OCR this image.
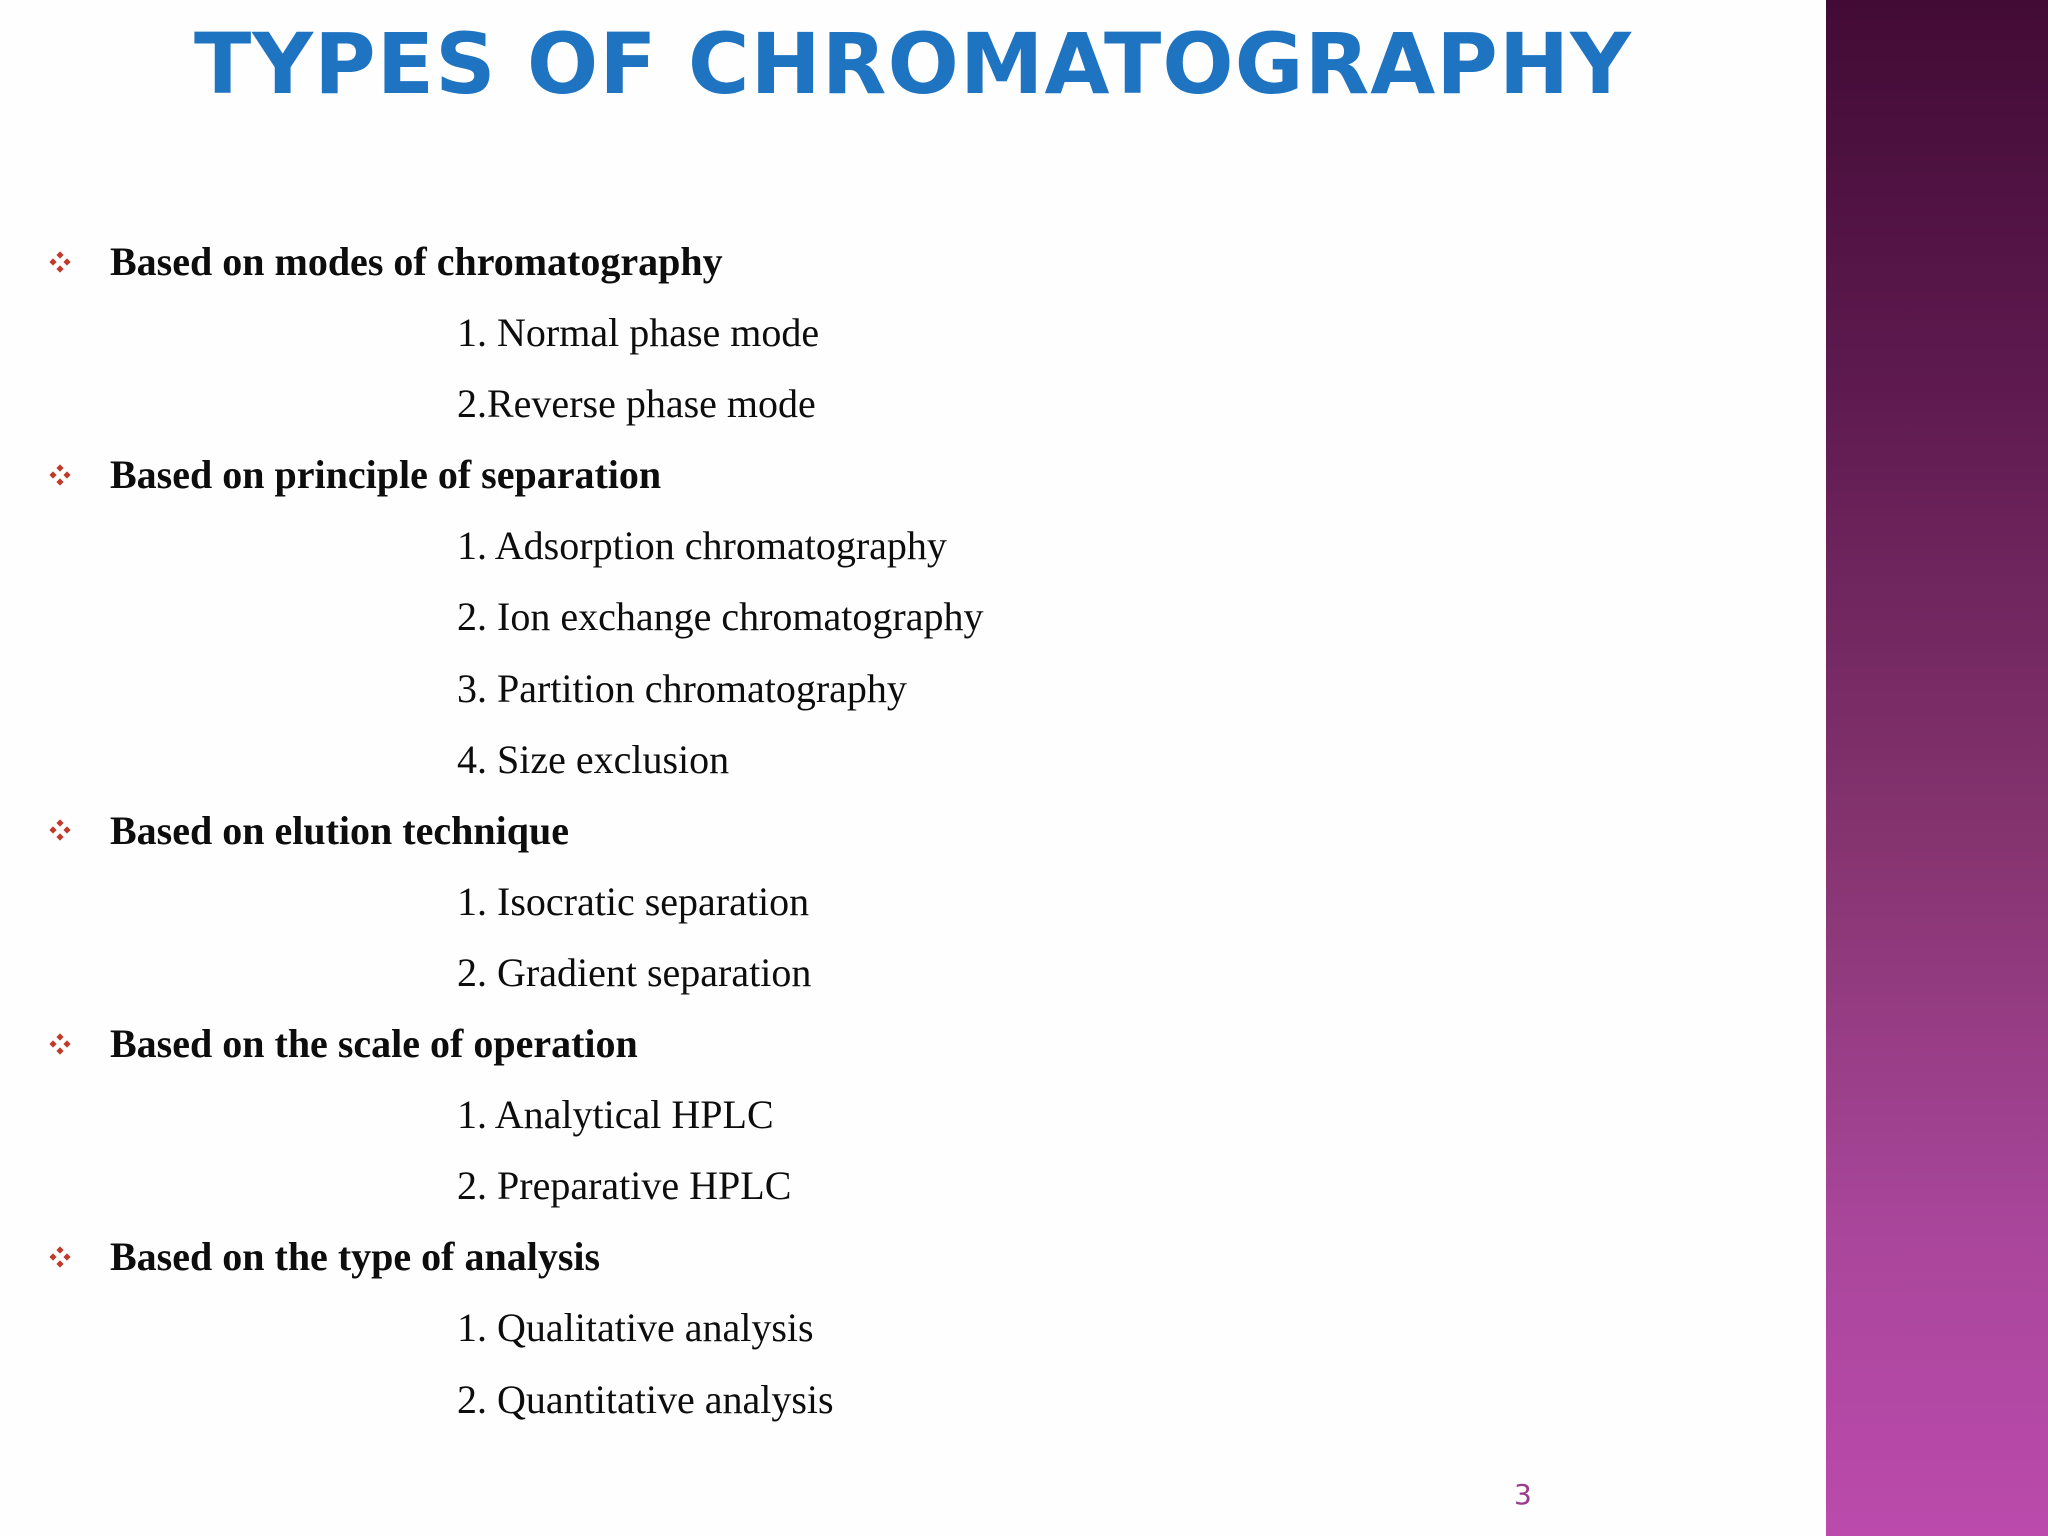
TYPES OF CHROMATOGRAPHY
Based on modes of chromatography
1. Normal phase mode
2.Reverse phase mode
Based on principle of separation
1. Adsorption chromatography
2. Ion exchange chromatography
3. Partition chromatography
4. Size exclusion
Based on elution technique
1. Isocratic separation
2. Gradient separation
Based on the scale of operation
1. Analytical HPLC
2. Preparative HPLC
Based on the type of analysis
1. Qualitative analysis
2. Quantitative analysis
3
